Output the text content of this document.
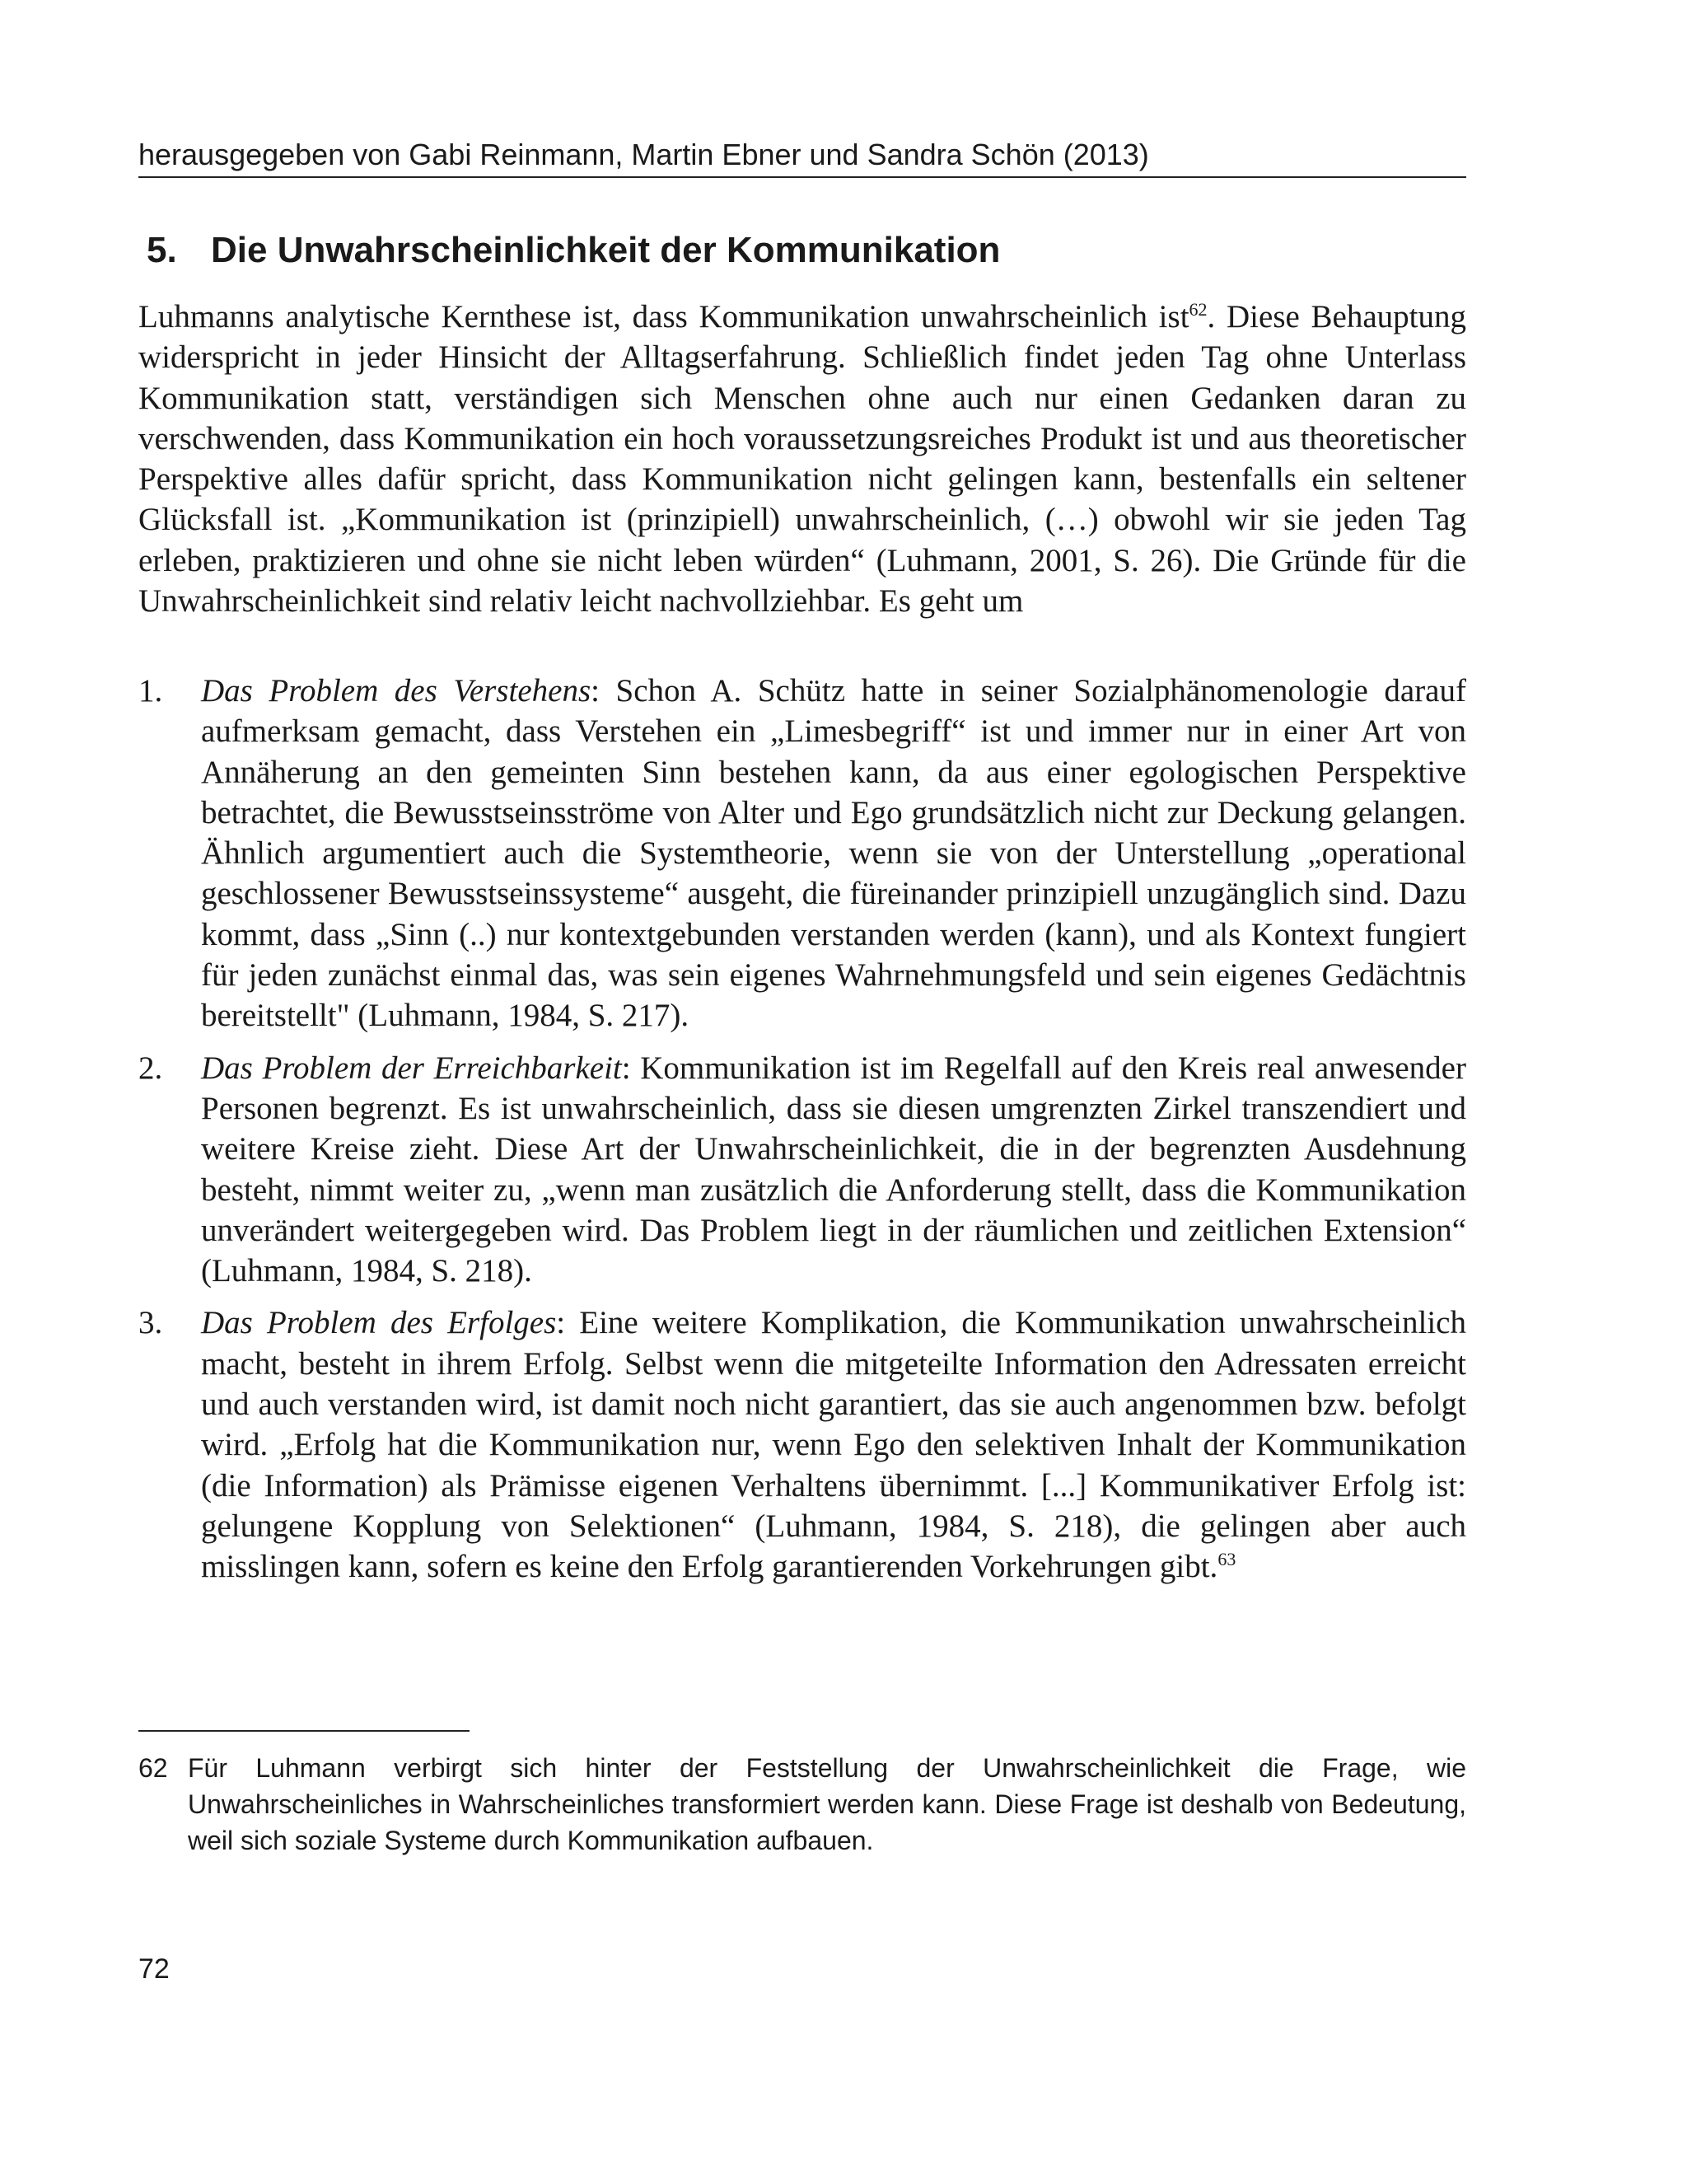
herausgegeben von Gabi Reinmann, Martin Ebner und Sandra Schön (2013)
5. Die Unwahrscheinlichkeit der Kommunikation

Luhmanns analytische Kernthese ist, dass Kommunikation unwahrscheinlich ist$^{62}$. Diese Behauptung widerspricht in jeder Hinsicht der Alltagserfahrung. Schließlich findet jeden Tag ohne Unterlass Kommunikation statt, verständigen sich Menschen ohne auch nur einen Gedanken daran zu verschwenden, dass Kommunikation ein hoch voraussetzungsreiches Produkt ist und aus theoretischer Perspektive alles dafür spricht, dass Kommunikation nicht gelingen kann, bestenfalls ein seltener Glücksfall ist. „Kommunikation ist (prinzipiell) unwahrscheinlich, (…) obwohl wir sie jeden Tag erleben, praktizieren und ohne sie nicht leben würden“ (Luhmann, 2001, S. 26). Die Gründe für die Unwahrscheinlichkeit sind relativ leicht nachvollziehbar. Es geht um

1. Das Problem des Verstehens: Schon A. Schütz hatte in seiner Sozialphänomenologie darauf aufmerksam gemacht, dass Verstehen ein „Limesbegriff“ ist und immer nur in einer Art von Annäherung an den gemeinten Sinn bestehen kann, da aus einer egologischen Perspektive betrachtet, die Bewusstseinsströme von Alter und Ego grundsätzlich nicht zur Deckung gelangen. Ähnlich argumentiert auch die Systemtheorie, wenn sie von der Unterstellung „operational geschlossener Bewusstseinssysteme“ ausgeht, die füreinander prinzipiell unzugänglich sind. Dazu kommt, dass „Sinn (..) nur kontextgebunden verstanden werden (kann), und als Kontext fungiert für jeden zunächst einmal das, was sein eigenes Wahrnehmungsfeld und sein eigenes Gedächtnis bereitstellt" (Luhmann, 1984, S. 217).
2. Das Problem der Erreichbarkeit: Kommunikation ist im Regelfall auf den Kreis real anwesender Personen begrenzt. Es ist unwahrscheinlich, dass sie diesen umgrenzten Zirkel transzendiert und weitere Kreise zieht. Diese Art der Unwahrscheinlichkeit, die in der begrenzten Ausdehnung besteht, nimmt weiter zu, „wenn man zusätzlich die Anforderung stellt, dass die Kommunikation unverändert weitergegeben wird. Das Problem liegt in der räumlichen und zeitlichen Extension“ (Luhmann, 1984, S. 218).
3. Das Problem des Erfolges: Eine weitere Komplikation, die Kommunikation unwahrscheinlich macht, besteht in ihrem Erfolg. Selbst wenn die mitgeteilte Information den Adressaten erreicht und auch verstanden wird, ist damit noch nicht garantiert, das sie auch angenommen bzw. befolgt wird. „Erfolg hat die Kommunikation nur, wenn Ego den selektiven Inhalt der Kommunikation (die Information) als Prämisse eigenen Verhaltens übernimmt. [...] Kommunikativer Erfolg ist: gelungene Kopplung von Selektionen“ (Luhmann, 1984, S. 218), die gelingen aber auch misslingen kann, sofern es keine den Erfolg garantierenden Vorkehrungen gibt.$^{63}$
62 Für Luhmann verbirgt sich hinter der Feststellung der Unwahrscheinlichkeit die Frage, wie Unwahrscheinliches in Wahrscheinliches transformiert werden kann. Diese Frage ist deshalb von Bedeutung, weil sich soziale Systeme durch Kommunikation aufbauen.
72
